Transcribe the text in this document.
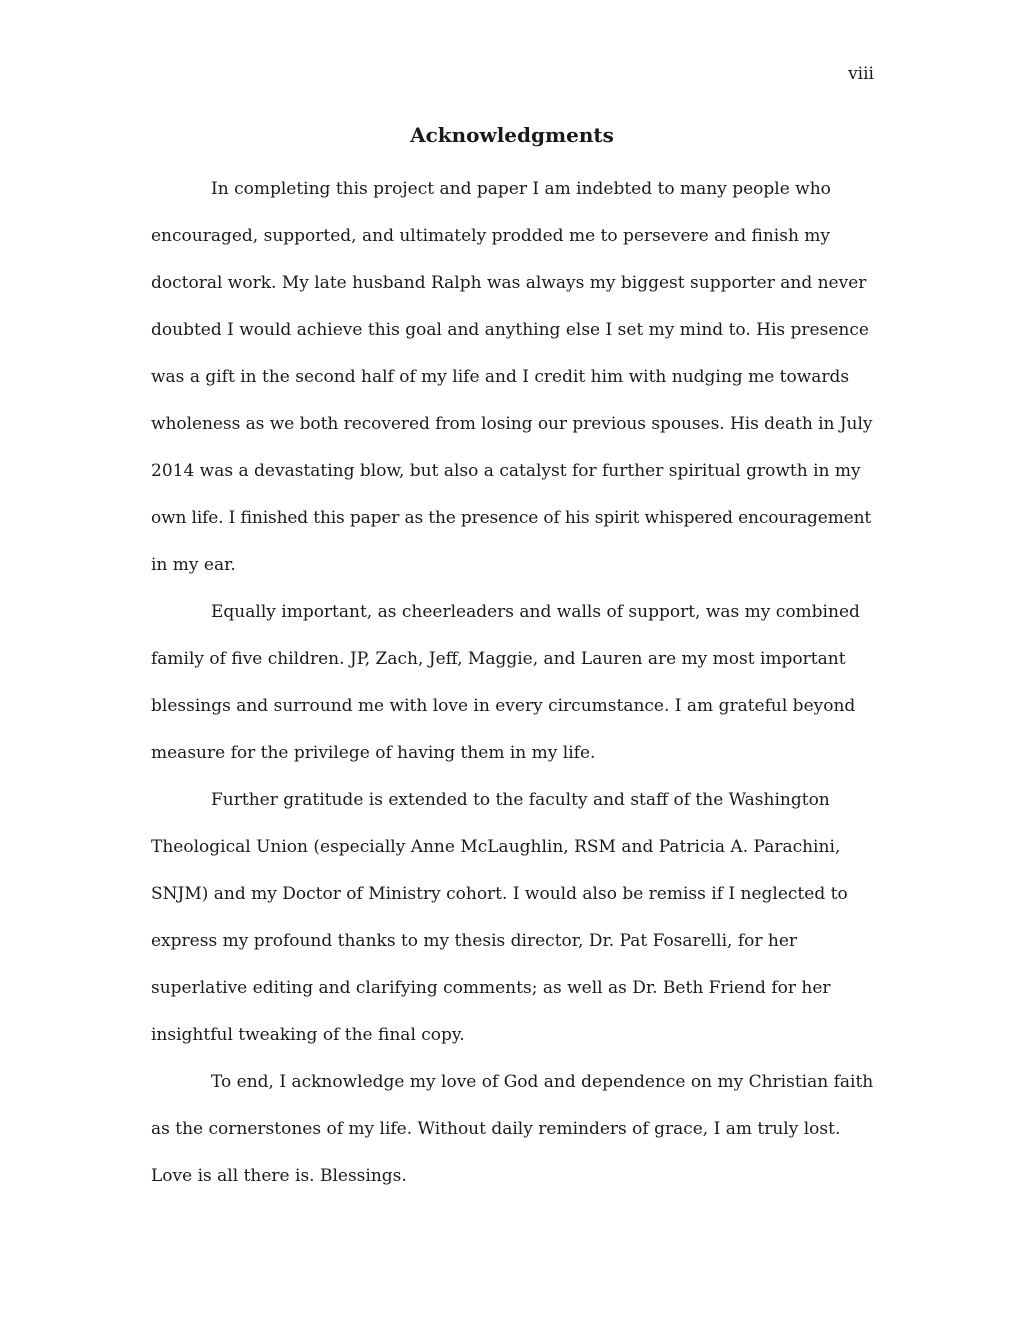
viii
Acknowledgments

In completing this project and paper I am indebted to many people who
encouraged, supported, and ultimately prodded me to persevere and finish my
doctoral work. My late husband Ralph was always my biggest supporter and never
doubted I would achieve this goal and anything else I set my mind to. His presence
was a gift in the second half of my life and I credit him with nudging me towards
wholeness as we both recovered from losing our previous spouses. His death in July
2014 was a devastating blow, but also a catalyst for further spiritual growth in my
own life. I finished this paper as the presence of his spirit whispered encouragement
in my ear.

Equally important, as cheerleaders and walls of support, was my combined
family of five children. JP, Zach, Jeff, Maggie, and Lauren are my most important
blessings and surround me with love in every circumstance. I am grateful beyond
measure for the privilege of having them in my life.

Further gratitude is extended to the faculty and staff of the Washington
Theological Union (especially Anne McLaughlin, RSM and Patricia A. Parachini,
SNJM) and my Doctor of Ministry cohort. I would also be remiss if I neglected to
express my profound thanks to my thesis director, Dr. Pat Fosarelli, for her
superlative editing and clarifying comments; as well as Dr. Beth Friend for her
insightful tweaking of the final copy.

To end, I acknowledge my love of God and dependence on my Christian faith
as the cornerstones of my life. Without daily reminders of grace, I am truly lost.
Love is all there is. Blessings.
